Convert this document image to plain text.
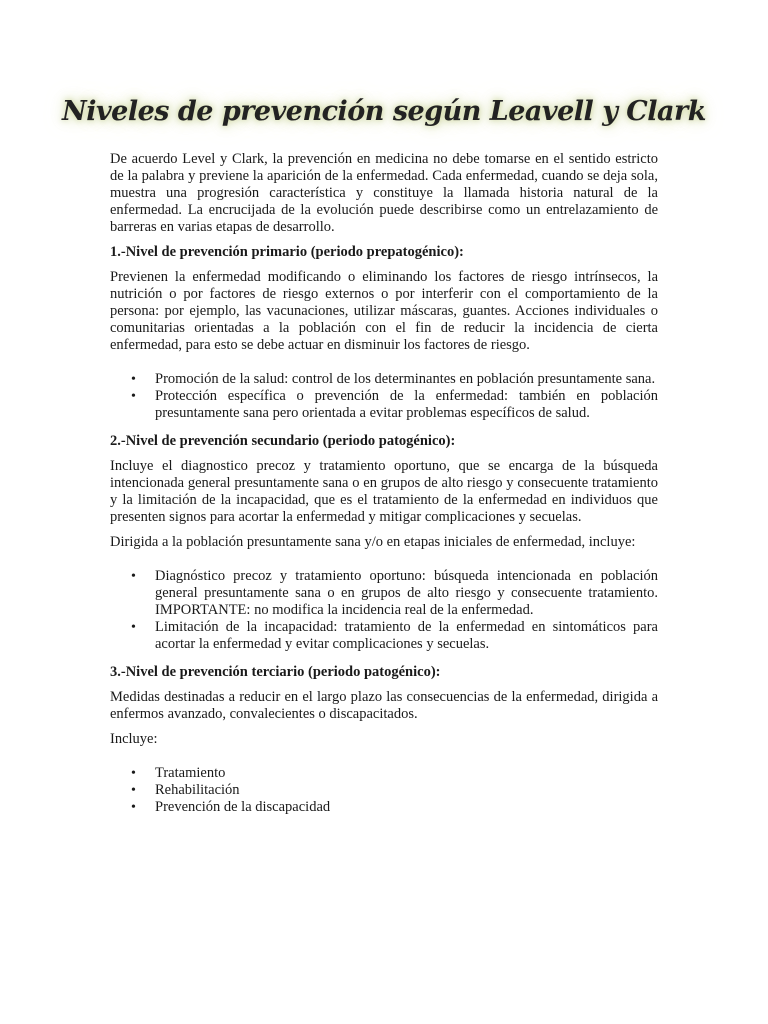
Niveles de prevención según Leavell y Clark

De acuerdo Level y Clark, la prevención en medicina no debe tomarse en el sentido estricto de la palabra y previene la aparición de la enfermedad. Cada enfermedad, cuando se deja sola, muestra una progresión característica y constituye la llamada historia natural de la enfermedad. La encrucijada de la evolución puede describirse como un entrelazamiento de barreras en varias etapas de desarrollo.

1.-Nivel de prevención primario (periodo prepatogénico):

Previenen la enfermedad modificando o eliminando los factores de riesgo intrínsecos, la nutrición o por factores de riesgo externos o por interferir con el comportamiento de la persona: por ejemplo, las vacunaciones, utilizar máscaras, guantes. Acciones individuales o comunitarias orientadas a la población con el fin de reducir la incidencia de cierta enfermedad, para esto se debe actuar en disminuir los factores de riesgo.

• Promoción de la salud: control de los determinantes en población presuntamente sana.
• Protección específica o prevención de la enfermedad: también en población presuntamente sana pero orientada a evitar problemas específicos de salud.
2.-Nivel de prevención secundario (periodo patogénico):

Incluye el diagnostico precoz y tratamiento oportuno, que se encarga de la búsqueda intencionada general presuntamente sana o en grupos de alto riesgo y consecuente tratamiento y la limitación de la incapacidad, que es el tratamiento de la enfermedad en individuos que presenten signos para acortar la enfermedad y mitigar complicaciones y secuelas.

Dirigida a la población presuntamente sana y/o en etapas iniciales de enfermedad, incluye:

• Diagnóstico precoz y tratamiento oportuno: búsqueda intencionada en población general presuntamente sana o en grupos de alto riesgo y consecuente tratamiento. IMPORTANTE: no modifica la incidencia real de la enfermedad.
• Limitación de la incapacidad: tratamiento de la enfermedad en sintomáticos para acortar la enfermedad y evitar complicaciones y secuelas.
3.-Nivel de prevención terciario (periodo patogénico):

Medidas destinadas a reducir en el largo plazo las consecuencias de la enfermedad, dirigida a enfermos avanzado, convalecientes o discapacitados.

Incluye:

• Tratamiento
• Rehabilitación
• Prevención de la discapacidad
